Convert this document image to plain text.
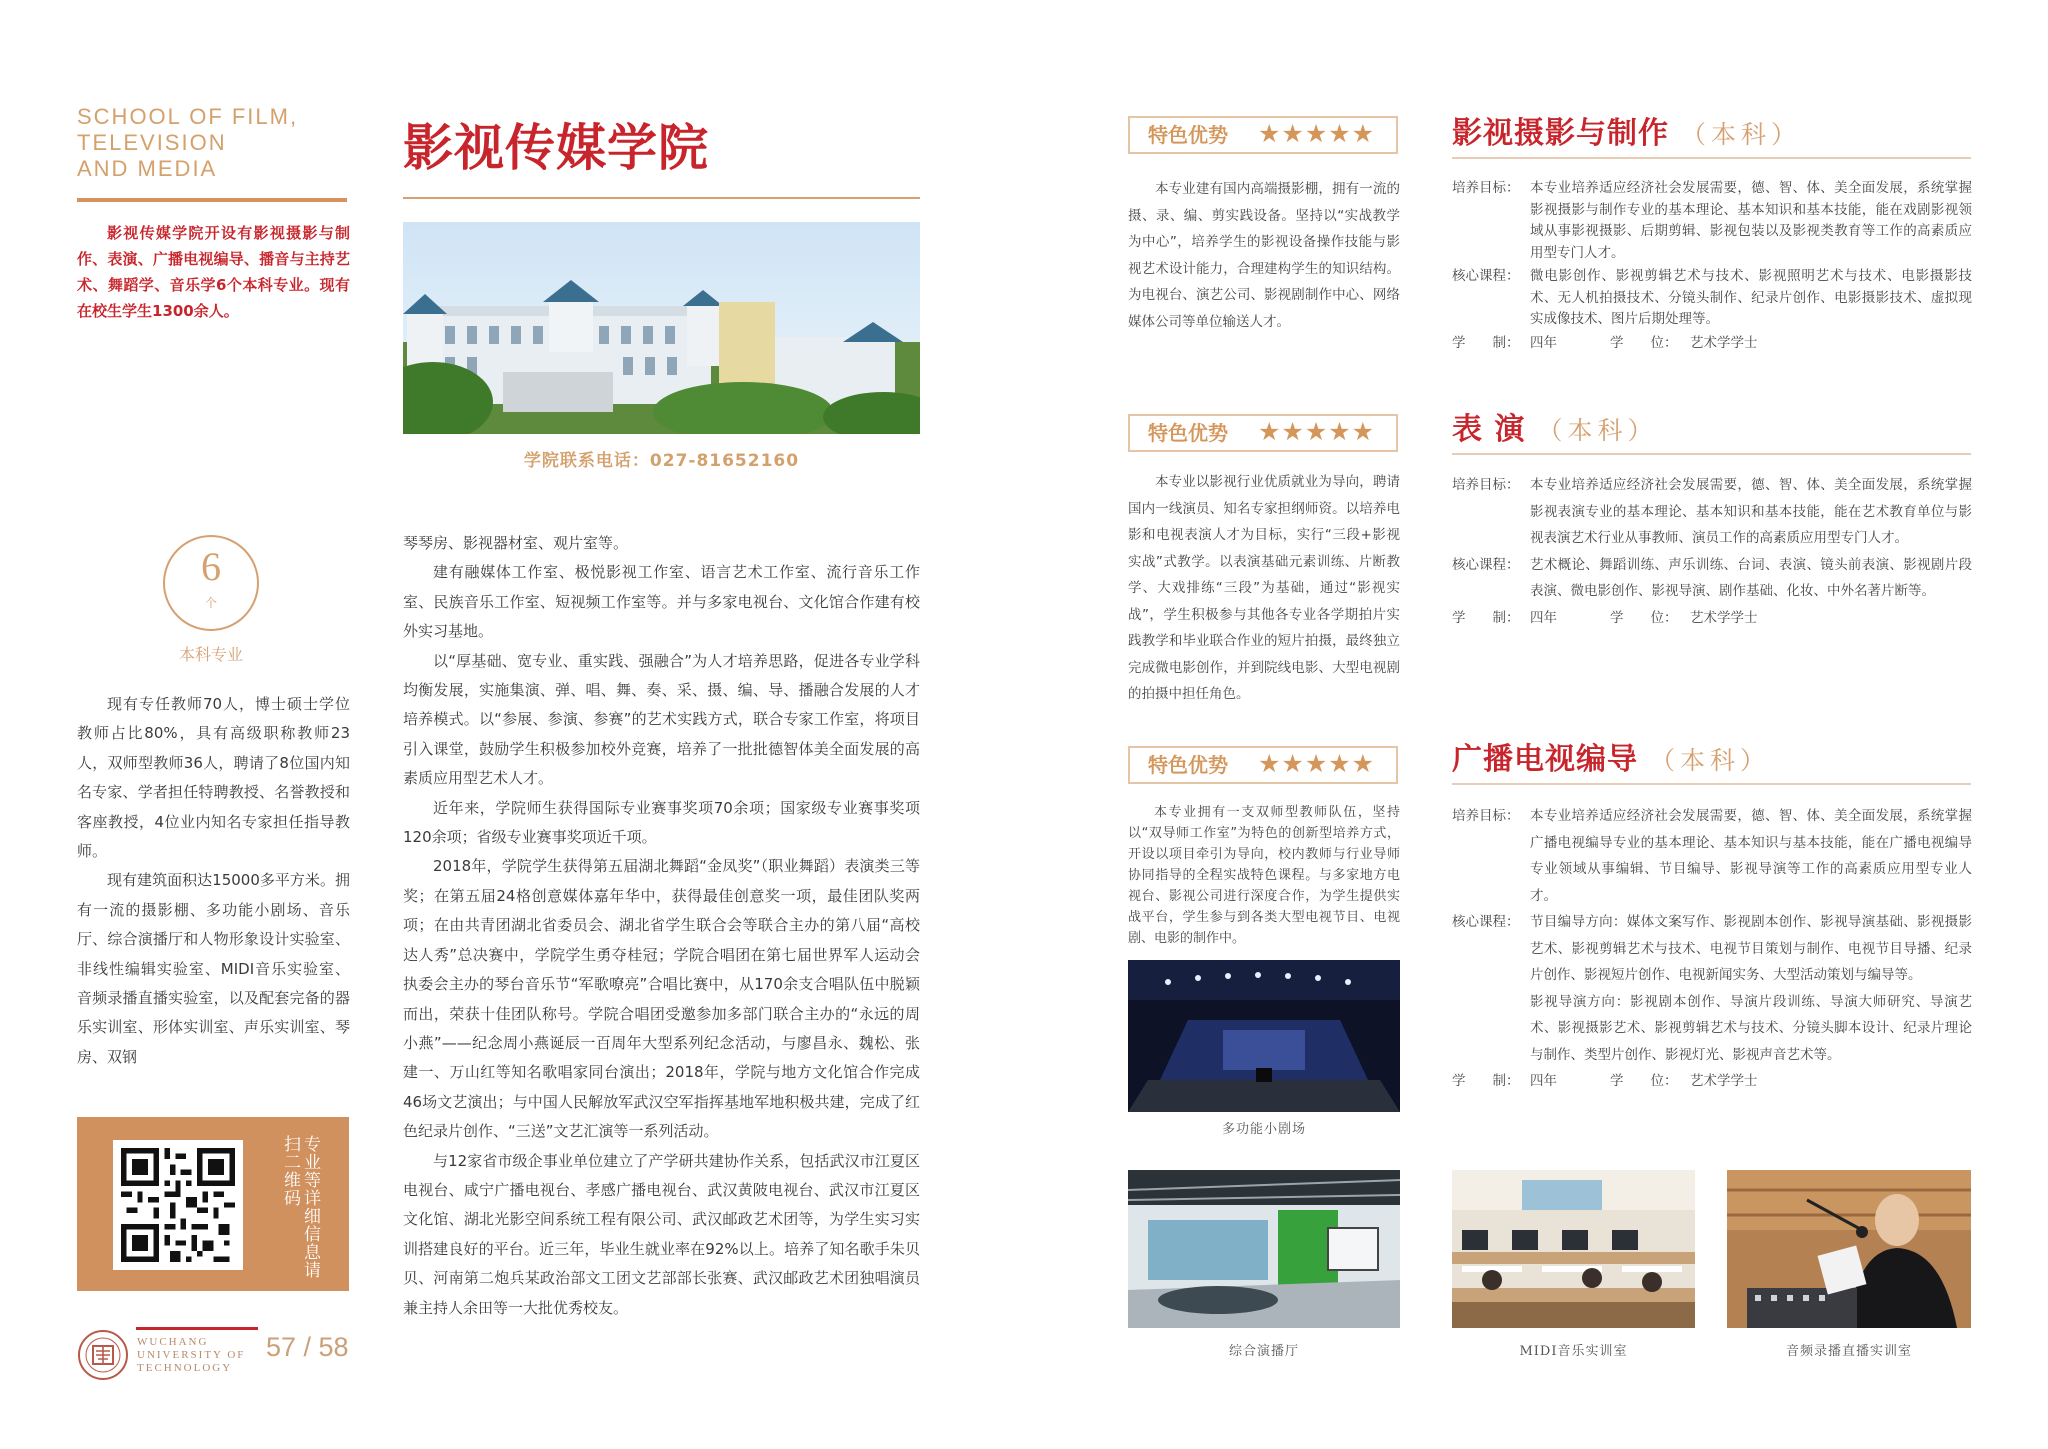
SCHOOL OF FILM,
TELEVISION
AND MEDIA
影视传媒学院开设有影视摄影与制作、表演、广播电视编导、播音与主持艺术、舞蹈学、音乐学6个本科专业。现有在校生学生1300余人。
6
个
本科专业

现有专任教师70人，博士硕士学位教师占比80%，具有高级职称教师23人，双师型教师36人，聘请了8位国内知名专家、学者担任特聘教授、名誉教授和客座教授，4位业内知名专家担任指导教师。

现有建筑面积达15000多平方米。拥有一流的摄影棚、多功能小剧场、音乐厅、综合演播厅和人物形象设计实验室、非线性编辑实验室、MIDI音乐实验室、音频录播直播实验室，以及配套完备的器乐实训室、形体实训室、声乐实训室、琴房、双钢

专业等详细信息请扫二维码
WUCHANG
UNIVERSITY OF
TECHNOLOGY
57 / 58
影视传媒学院
学院联系电话：027-81652160

琴琴房、影视器材室、观片室等。

建有融媒体工作室、极悦影视工作室、语言艺术工作室、流行音乐工作室、民族音乐工作室、短视频工作室等。并与多家电视台、文化馆合作建有校外实习基地。

以“厚基础、宽专业、重实践、强融合”为人才培养思路，促进各专业学科均衡发展，实施集演、弹、唱、舞、奏、采、摄、编、导、播融合发展的人才培养模式。以“参展、参演、参赛”的艺术实践方式，联合专家工作室，将项目引入课堂，鼓励学生积极参加校外竞赛，培养了一批批德智体美全面发展的高素质应用型艺术人才。

近年来，学院师生获得国际专业赛事奖项70余项；国家级专业赛事奖项120余项；省级专业赛事奖项近千项。

2018年，学院学生获得第五届湖北舞蹈“金凤奖”（职业舞蹈）表演类三等奖；在第五届24格创意媒体嘉年华中，获得最佳创意奖一项，最佳团队奖两项；在由共青团湖北省委员会、湖北省学生联合会等联合主办的第八届“高校达人秀”总决赛中，学院学生勇夺桂冠；学院合唱团在第七届世界军人运动会执委会主办的琴台音乐节“军歌嘹亮”合唱比赛中，从170余支合唱队伍中脱颖而出，荣获十佳团队称号。学院合唱团受邀参加多部门联合主办的“永远的周小燕”——纪念周小燕诞辰一百周年大型系列纪念活动，与廖昌永、魏松、张建一、万山红等知名歌唱家同台演出；2018年，学院与地方文化馆合作完成46场文艺演出；与中国人民解放军武汉空军指挥基地军地积极共建，完成了红色纪录片创作、“三送”文艺汇演等一系列活动。

与12家省市级企事业单位建立了产学研共建协作关系，包括武汉市江夏区电视台、咸宁广播电视台、孝感广播电视台、武汉黄陂电视台、武汉市江夏区文化馆、湖北光影空间系统工程有限公司、武汉邮政艺术团等，为学生实习实训搭建良好的平台。近三年，毕业生就业率在92%以上。培养了知名歌手朱贝贝、河南第二炮兵某政治部文工团文艺部部长张赛、武汉邮政艺术团独唱演员兼主持人余田等一大批优秀校友。

特色优势 ★★★★★

本专业建有国内高端摄影棚，拥有一流的摄、录、编、剪实践设备。坚持以“实战教学为中心”，培养学生的影视设备操作技能与影视艺术设计能力，合理建构学生的知识结构。为电视台、演艺公司、影视剧制作中心、网络媒体公司等单位输送人才。

特色优势 ★★★★★

本专业以影视行业优质就业为导向，聘请国内一线演员、知名专家担纲师资。以培养电影和电视表演人才为目标，实行“三段+影视实战”式教学。以表演基础元素训练、片断教学、大戏排练“三段”为基础，通过“影视实战”，学生积极参与其他各专业各学期拍片实践教学和毕业联合作业的短片拍摄，最终独立完成微电影创作，并到院线电影、大型电视剧的拍摄中担任角色。

特色优势 ★★★★★

本专业拥有一支双师型教师队伍，坚持以“双导师工作室”为特色的创新型培养方式，开设以项目牵引为导向，校内教师与行业导师协同指导的全程实战特色课程。与多家地方电视台、影视公司进行深度合作，为学生提供实战平台，学生参与到各类大型电视节目、电视剧、电影的制作中。

多功能小剧场
综合演播厅	MIDI音乐实训室	音频录播直播实训室
影视摄影与制作 （本科）
培养目标： 本专业培养适应经济社会发展需要，德、智、体、美全面发展，系统掌握影视摄影与制作专业的基本理论、基本知识和基本技能，能在戏剧影视领域从事影视摄影、后期剪辑、影视包装以及影视类教育等工作的高素质应用型专门人才。
核心课程： 微电影创作、影视剪辑艺术与技术、影视照明艺术与技术、电影摄影技术、无人机拍摄技术、分镜头制作、纪录片创作、电影摄影技术、虚拟现实成像技术、图片后期处理等。
学　　制： 四年	学　　位： 艺术学学士
表 演 （本科）
培养目标： 本专业培养适应经济社会发展需要，德、智、体、美全面发展，系统掌握影视表演专业的基本理论、基本知识和基本技能，能在艺术教育单位与影视表演艺术行业从事教师、演员工作的高素质应用型专门人才。
核心课程： 艺术概论、舞蹈训练、声乐训练、台词、表演、镜头前表演、影视剧片段表演、微电影创作、影视导演、剧作基础、化妆、中外名著片断等。
学　　制： 四年	学　　位： 艺术学学士
广播电视编导 （本科）
培养目标： 本专业培养适应经济社会发展需要，德、智、体、美全面发展，系统掌握广播电视编导专业的基本理论、基本知识与基本技能，能在广播电视编导专业领域从事编辑、节目编导、影视导演等工作的高素质应用型专业人才。
核心课程： 节目编导方向：媒体文案写作、影视剧本创作、影视导演基础、影视摄影艺术、影视剪辑艺术与技术、电视节目策划与制作、电视节目导播、纪录片创作、影视短片创作、电视新闻实务、大型活动策划与编导等。
影视导演方向：影视剧本创作、导演片段训练、导演大师研究、导演艺术、影视摄影艺术、影视剪辑艺术与技术、分镜头脚本设计、纪录片理论与制作、类型片创作、影视灯光、影视声音艺术等。
学　　制： 四年	学　　位： 艺术学学士
